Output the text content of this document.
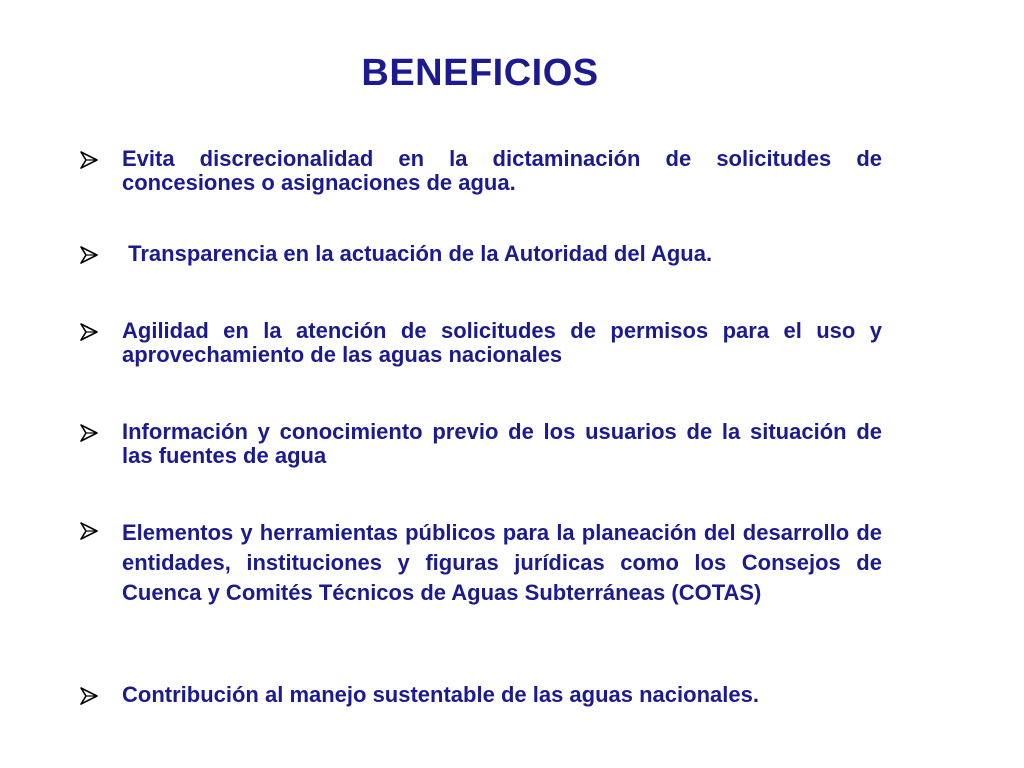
BENEFICIOS
Evita discrecionalidad en la dictaminación de solicitudes de concesiones o asignaciones de agua.
Transparencia en la actuación de la Autoridad del Agua.
Agilidad en la atención de solicitudes de permisos para el uso y aprovechamiento de las aguas nacionales
Información y conocimiento previo de los usuarios de la situación de las fuentes de agua
Elementos y herramientas públicos para la planeación del desarrollo de entidades, instituciones y figuras jurídicas como los Consejos de Cuenca y Comités Técnicos de Aguas Subterráneas (COTAS)
Contribución al manejo sustentable de las aguas nacionales.
